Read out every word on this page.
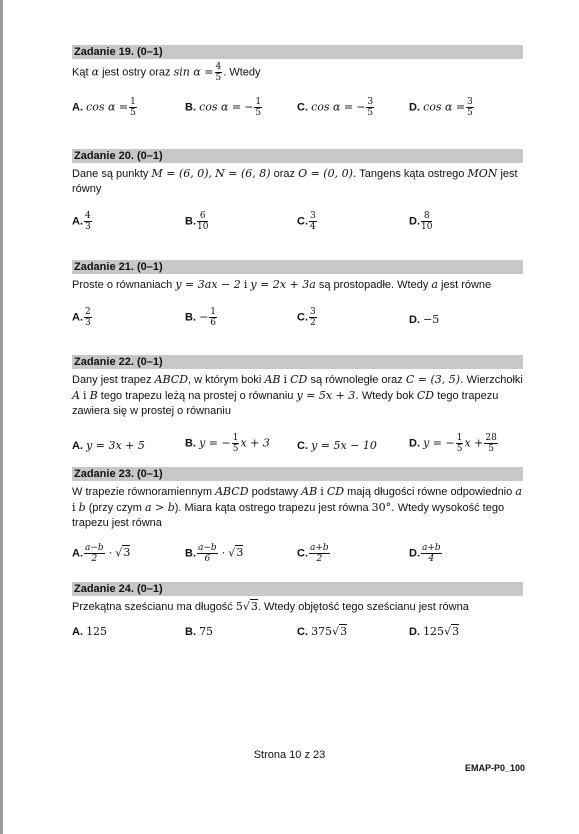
Zadanie 19. (0–1)
Kąt α jest ostry oraz $\sin \alpha = \frac{4}{5}$ . Wtedy
A. $\cos \alpha = \frac{1}{5}$	B. cos α = − $\frac{1}{5}$	C. cos α = − $\frac{3}{5}$	D. $\cos \alpha = \frac{3}{5}$
Zadanie 20. (0–1)
Dane są punkty M = (6, 0), N = (6, 8) oraz O = (0, 0). Tangens kąta ostrego MON jest równy
A. $\frac{4}{3}$	B. $\frac{6}{10}$	C. $\frac{3}{4}$	D. $\frac{8}{10}$
Zadanie 21. (0–1)
Proste o równaniach y = 3ax − 2 i y = 2x + 3a są prostopadłe. Wtedy a jest równe
A. $\frac{2}{3}$	B. − $\frac{1}{6}$	C. $\frac{3}{2}$	D. −5
Zadanie 22. (0–1)
Dany jest trapez ABCD, w którym boki AB i CD są równoległe oraz C = (3, 5). Wierzchołki A i B tego trapezu leżą na prostej o równaniu y = 5x + 3. Wtedy bok CD tego trapezu zawiera się w prostej o równaniu
A. y = 3x + 5	B. y = − $\frac{1}{5}$ x + 3 C. y = 5x − 10	D. y = − $\frac{1}{5}$ $x + \frac{28}{5}$
Zadanie 23. (0–1)
W trapezie równoramiennym ABCD podstawy AB i CD mają długości równe odpowiednio a i b (przy czym a > b). Miara kąta ostrego trapezu jest równa 30°. Wtedy wysokość tego trapezu jest równa
A. $\frac{a-b}{2} \cdot √3$	B. $\frac{a-b}{6} \cdot √3$	C. $\frac{a+b}{2}$	D. $\frac{a+b}{4}$
Zadanie 24. (0–1)
Przekątna sześcianu ma długość 5√3. Wtedy objętość tego sześcianu jest równa
A. 125	B. 75	C. 375√3	D. 125√3
Strona 10 z 23
EMAP-P0_100
